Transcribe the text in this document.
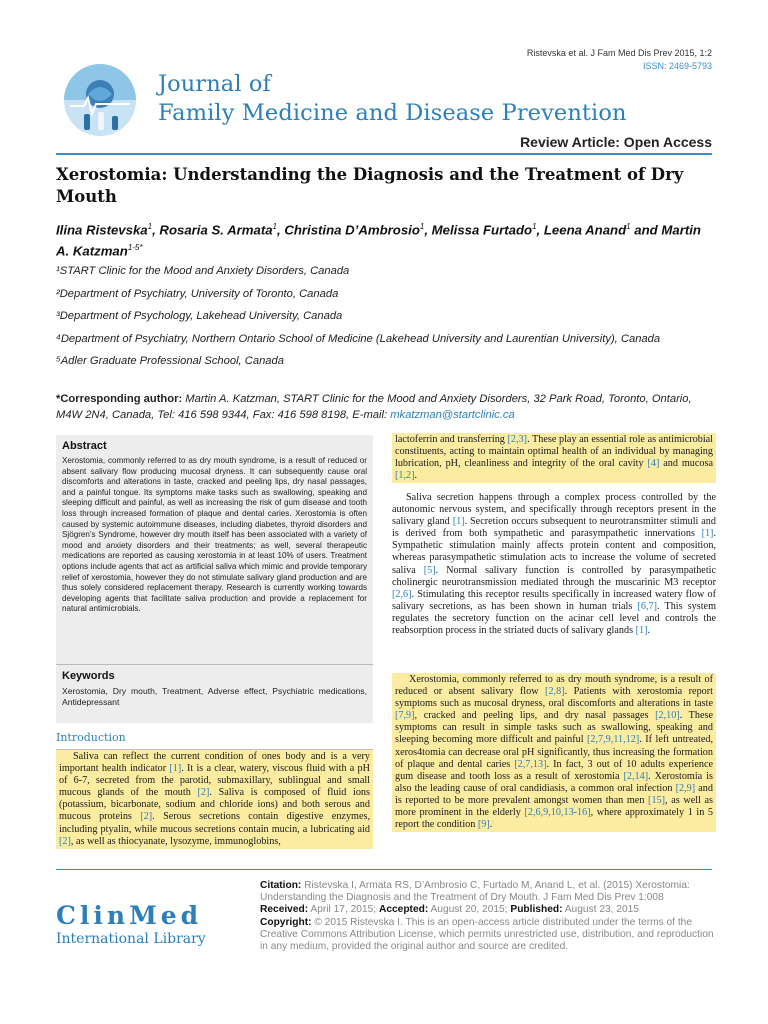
Ristevska et al. J Fam Med Dis Prev 2015, 1:2
ISSN: 2469-5793
Journal of
Family Medicine and Disease Prevention
Review Article: Open Access
Xerostomia: Understanding the Diagnosis and the Treatment of Dry Mouth
Ilina Ristevska$^1$, Rosaria S. Armata$^1$, Christina D’Ambrosio$^1$, Melissa Furtado$^1$, Leena Anand$^1$ and Martin A. Katzman$^{1-5*}$
¹START Clinic for the Mood and Anxiety Disorders, Canada
²Department of Psychiatry, University of Toronto, Canada
³Department of Psychology, Lakehead University, Canada
⁴Department of Psychiatry, Northern Ontario School of Medicine (Lakehead University and Laurentian University), Canada
⁵Adler Graduate Professional School, Canada
*Corresponding author: Martin A. Katzman, START Clinic for the Mood and Anxiety Disorders, 32 Park Road, Toronto, Ontario, M4W 2N4, Canada, Tel: 416 598 9344, Fax: 416 598 8198, E-mail: mkatzman@startclinic.ca
Abstract
Xerostomia, commonly referred to as dry mouth syndrome, is a result of reduced or absent salivary flow producing mucosal dryness. It can subsequently cause oral discomforts and alterations in taste, cracked and peeling lips, dry nasal passages, and a painful tongue. Its symptoms make tasks such as swallowing, speaking and sleeping difficult and painful, as well as increasing the risk of gum disease and tooth loss through increased formation of plaque and dental caries. Xerostomia is often caused by systemic autoimmune diseases, including diabetes, thyroid disorders and Sjögren’s Syndrome, however dry mouth itself has been associated with a variety of mood and anxiety disorders and their treatments; as well, several therapeutic medications are reported as causing xerostomia in at least 10% of users. Treatment options include agents that act as artificial saliva which mimic and provide temporary relief of xerostomia, however they do not stimulate salivary gland production and are thus solely considered replacement therapy. Research is currently working towards developing agents that facilitate saliva production and provide a replacement for natural antimicrobials.
Keywords
Xerostomia, Dry mouth, Treatment, Adverse effect, Psychiatric medications, Antidepressant
Introduction
Saliva can reflect the current condition of ones body and is a very important health indicator [1]. It is a clear, watery, viscous fluid with a pH of 6-7, secreted from the parotid, submaxillary, sublingual and small mucous glands of the mouth [2]. Saliva is composed of fluid ions (potassium, bicarbonate, sodium and chloride ions) and both serous and mucous proteins [2]. Serous secretions contain digestive enzymes, including ptyalin, while mucous secretions contain mucin, a lubricating aid [2], as well as thiocyanate, lysozyme, immunoglobins,
lactoferrin and transferring [2,3]. These play an essential role as antimicrobial constituents, acting to maintain optimal health of an individual by managing lubrication, pH, cleanliness and integrity of the oral cavity [4] and mucosa [1,2].
Saliva secretion happens through a complex process controlled by the autonomic nervous system, and specifically through receptors present in the salivary gland [1]. Secretion occurs subsequent to neurotransmitter stimuli and is derived from both sympathetic and parasympathetic innervations [1]. Sympathetic stimulation mainly affects protein content and composition, whereas parasympathetic stimulation acts to increase the volume of secreted saliva [5]. Normal salivary function is controlled by parasympathetic cholinergic neurotransmission mediated through the muscarinic M3 receptor [2,6]. Stimulating this receptor results specifically in increased watery flow of salivary secretions, as has been shown in human trials [6,7]. This system regulates the secretory function on the acinar cell level and controls the reabsorption process in the striated ducts of salivary glands [1].
Xerostomia, commonly referred to as dry mouth syndrome, is a result of reduced or absent salivary flow [2,8]. Patients with xerostomia report symptoms such as mucosal dryness, oral discomforts and alterations in taste [7,9], cracked and peeling lips, and dry nasal passages [2,10]. These symptoms can result in simple tasks such as swallowing, speaking and sleeping becoming more difficult and painful [2,7,9,11,12]. If left untreated, xeros4tomia can decrease oral pH significantly, thus increasing the formation of plaque and dental caries [2,7,13]. In fact, 3 out of 10 adults experience gum disease and tooth loss as a result of xerostomia [2,14]. Xerostomia is also the leading cause of oral candidiasis, a common oral infection [2,9] and is reported to be more prevalent amongst women than men [15], as well as more prominent in the elderly [2,6,9,10,13-16], where approximately 1 in 5 report the condition [9].
ClinMed
International Library

Citation: Ristevska I, Armata RS, D’Ambrosio C, Furtado M, Anand L, et al. (2015) Xerostomia: Understanding the Diagnosis and the Treatment of Dry Mouth. J Fam Med Dis Prev 1:008

Received: April 17, 2015; Accepted: August 20, 2015; Published: August 23, 2015

Copyright: © 2015 Ristevska I. This is an open-access article distributed under the terms of the Creative Commons Attribution License, which permits unrestricted use, distribution, and reproduction in any medium, provided the original author and source are credited.
